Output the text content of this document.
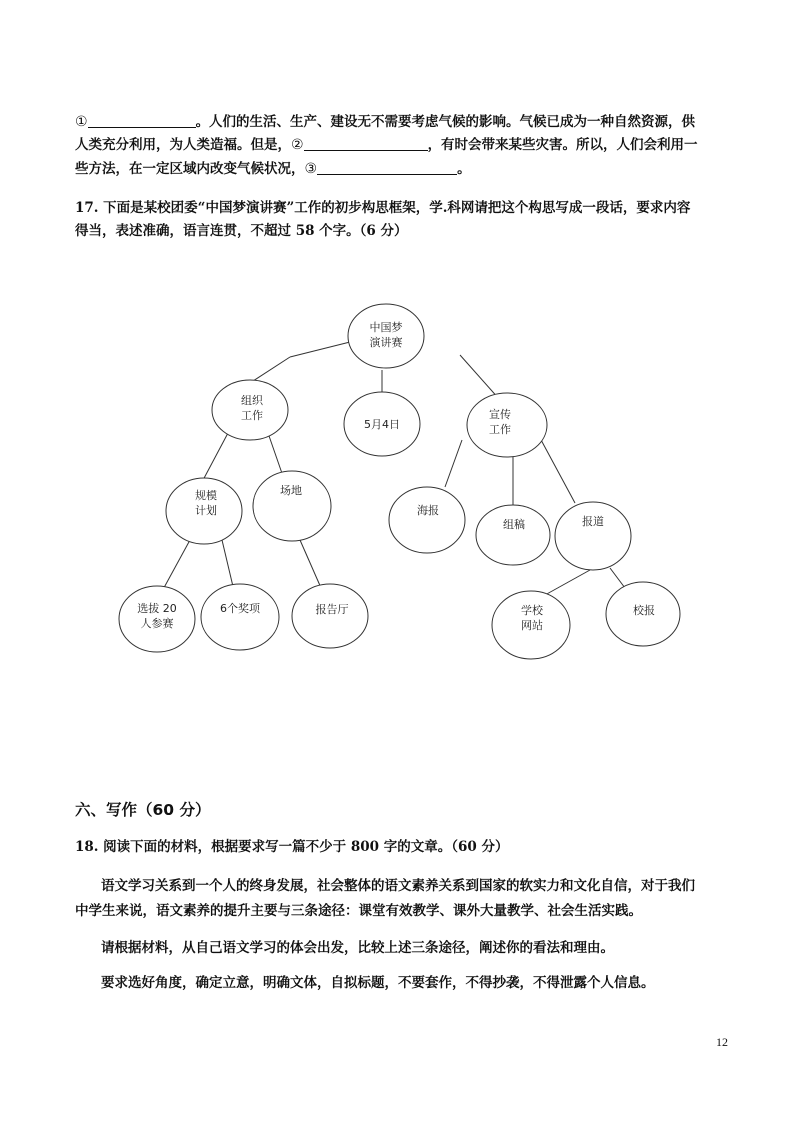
①	。人们的生活、生产、建设无不需要考虑气候的影响。气候已成为一种自然资源，供
人类充分利用，为人类造福。但是，②	，有时会带来某些灾害。所以，人们会利用一
些方法，在一定区域内改变气候状况，③	。
17. 下面是某校团委“中国梦演讲赛”工作的初步构思框架，学.科网请把这个构思写成一段话，要求内容
得当，表述准确，语言连贯，不超过 58 个字。（6 分）
中国梦演讲赛
组织工作
5月4日
宣传工作
规模计划
场地
海报
组稿	报道
选拔 20 人参赛
6个奖项	报告厅	学校网站
校报
六、写作（60 分）
18. 阅读下面的材料，根据要求写一篇不少于 800 字的文章。（60 分）
语文学习关系到一个人的终身发展，社会整体的语文素养关系到国家的软实力和文化自信，对于我们
中学生来说，语文素养的提升主要与三条途径：课堂有效教学、课外大量教学、社会生活实践。
请根据材料，从自己语文学习的体会出发，比较上述三条途径，阐述你的看法和理由。
要求选好角度，确定立意，明确文体，自拟标题，不要套作，不得抄袭，不得泄露个人信息。
12
